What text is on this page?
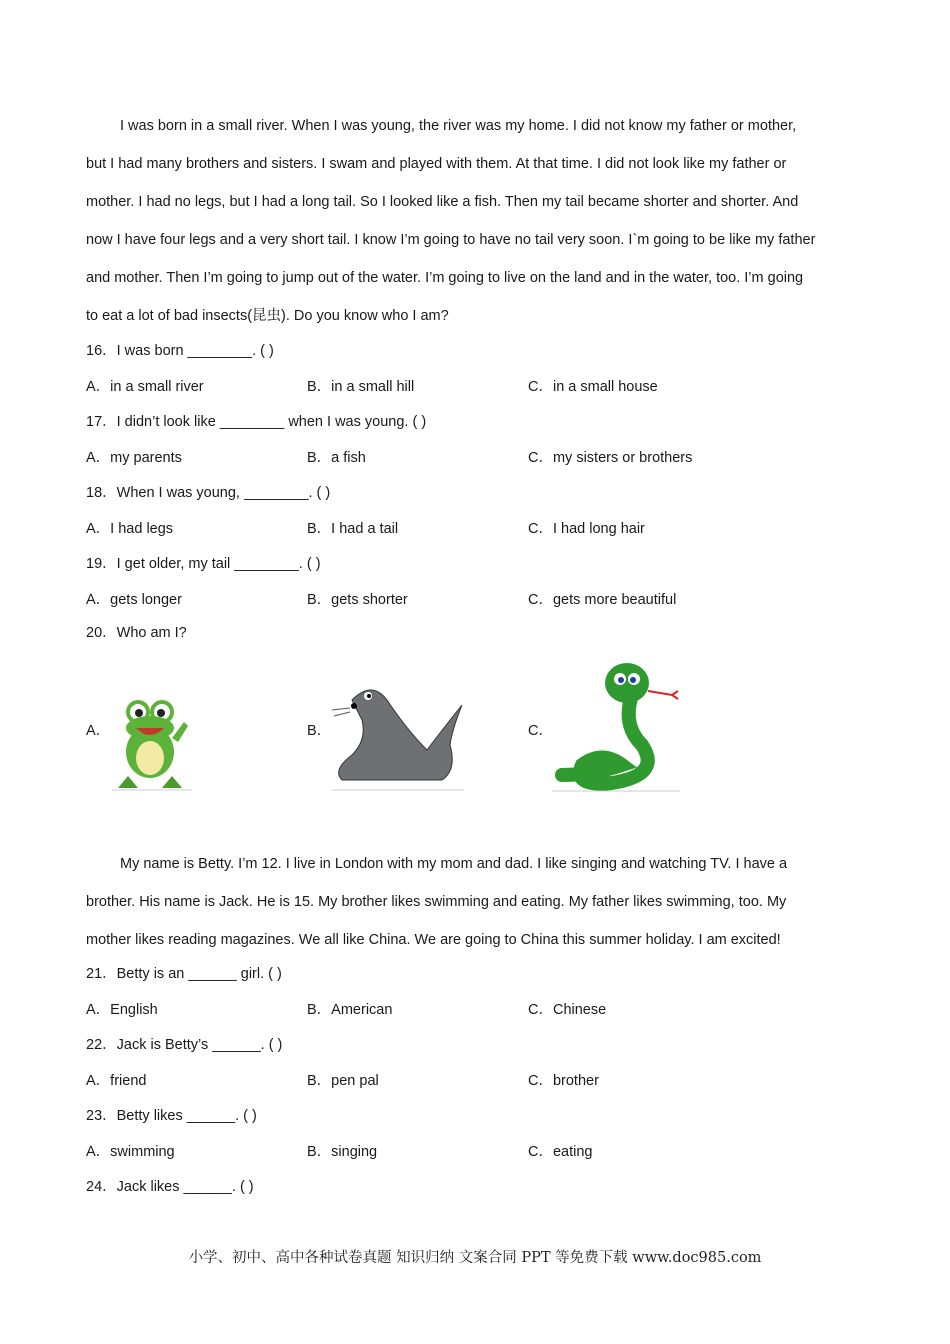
I was born in a small river. When I was young, the river was my home. I did not know my father or mother,
but I had many brothers and sisters. I swam and played with them. At that time. I did not look like my father or
mother. I had no legs, but I had a long tail. So I looked like a fish. Then my tail became shorter and shorter. And
now I have four legs and a very short tail. I know I’m going to have no tail very soon. I`m going to be like my father
and mother. Then I’m going to jump out of the water. I’m going to live on the land and in the water, too. I’m going
to eat a lot of bad insects(昆虫). Do you know who I am?
16．I was born ________. ( )
A．in a small river	B．in a small hill	C．in a small house
17．I didn’t look like ________ when I was young. ( )
A．my parents	B．a fish	C．my sisters or brothers
18．When I was young, ________. ( )
A．I had legs	B．I had a tail	C．I had long hair
19．I get older, my tail ________. ( )
A．gets longer	B．gets shorter	C．gets more beautiful
20．Who am I?
A．	B．	C．
My name is Betty. I’m 12. I live in London with my mom and dad. I like singing and watching TV. I have a
brother. His name is Jack. He is 15. My brother likes swimming and eating. My father likes swimming, too. My
mother likes reading magazines. We all like China. We are going to China this summer holiday. I am excited!
21．Betty is an ______ girl. ( )
A．English	B．American	C．Chinese
22．Jack is Betty’s ______. ( )
A．friend	B．pen pal	C．brother
23．Betty likes ______. ( )
A．swimming	B．singing	C．eating
24．Jack likes ______. ( )
小学、初中、高中各种试卷真题 知识归纳 文案合同 PPT 等免费下载 www.doc985.com
